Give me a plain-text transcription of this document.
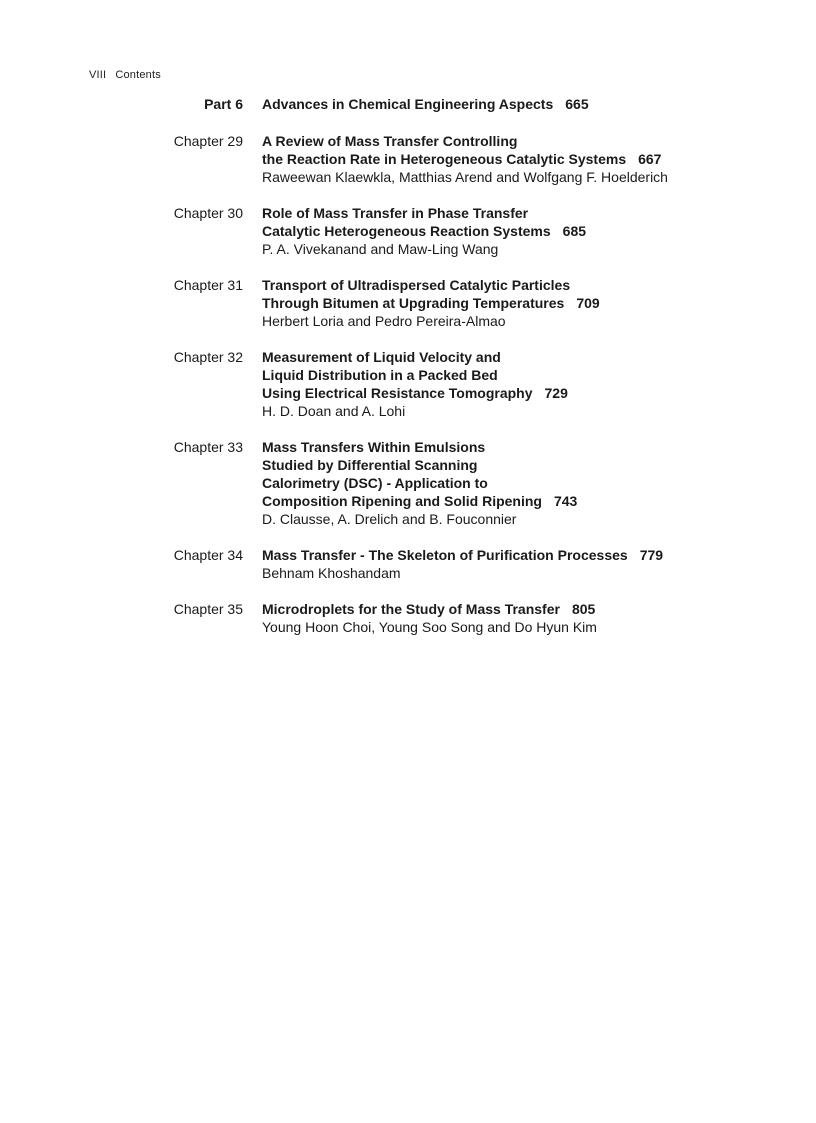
VIII Contents
Part 6 Advances in Chemical Engineering Aspects 665
Chapter 29 A Review of Mass Transfer Controlling
the Reaction Rate in Heterogeneous Catalytic Systems 667
Raweewan Klaewkla, Matthias Arend and Wolfgang F. Hoelderich
Chapter 30 Role of Mass Transfer in Phase Transfer
Catalytic Heterogeneous Reaction Systems 685
P. A. Vivekanand and Maw-Ling Wang
Chapter 31 Transport of Ultradispersed Catalytic Particles
Through Bitumen at Upgrading Temperatures 709
Herbert Loria and Pedro Pereira-Almao
Chapter 32 Measurement of Liquid Velocity and
Liquid Distribution in a Packed Bed
Using Electrical Resistance Tomography 729
H. D. Doan and A. Lohi
Chapter 33 Mass Transfers Within Emulsions
Studied by Differential Scanning
Calorimetry (DSC) - Application to
Composition Ripening and Solid Ripening 743
D. Clausse, A. Drelich and B. Fouconnier
Chapter 34 Mass Transfer - The Skeleton of Purification Processes 779
Behnam Khoshandam
Chapter 35 Microdroplets for the Study of Mass Transfer 805
Young Hoon Choi, Young Soo Song and Do Hyun Kim
